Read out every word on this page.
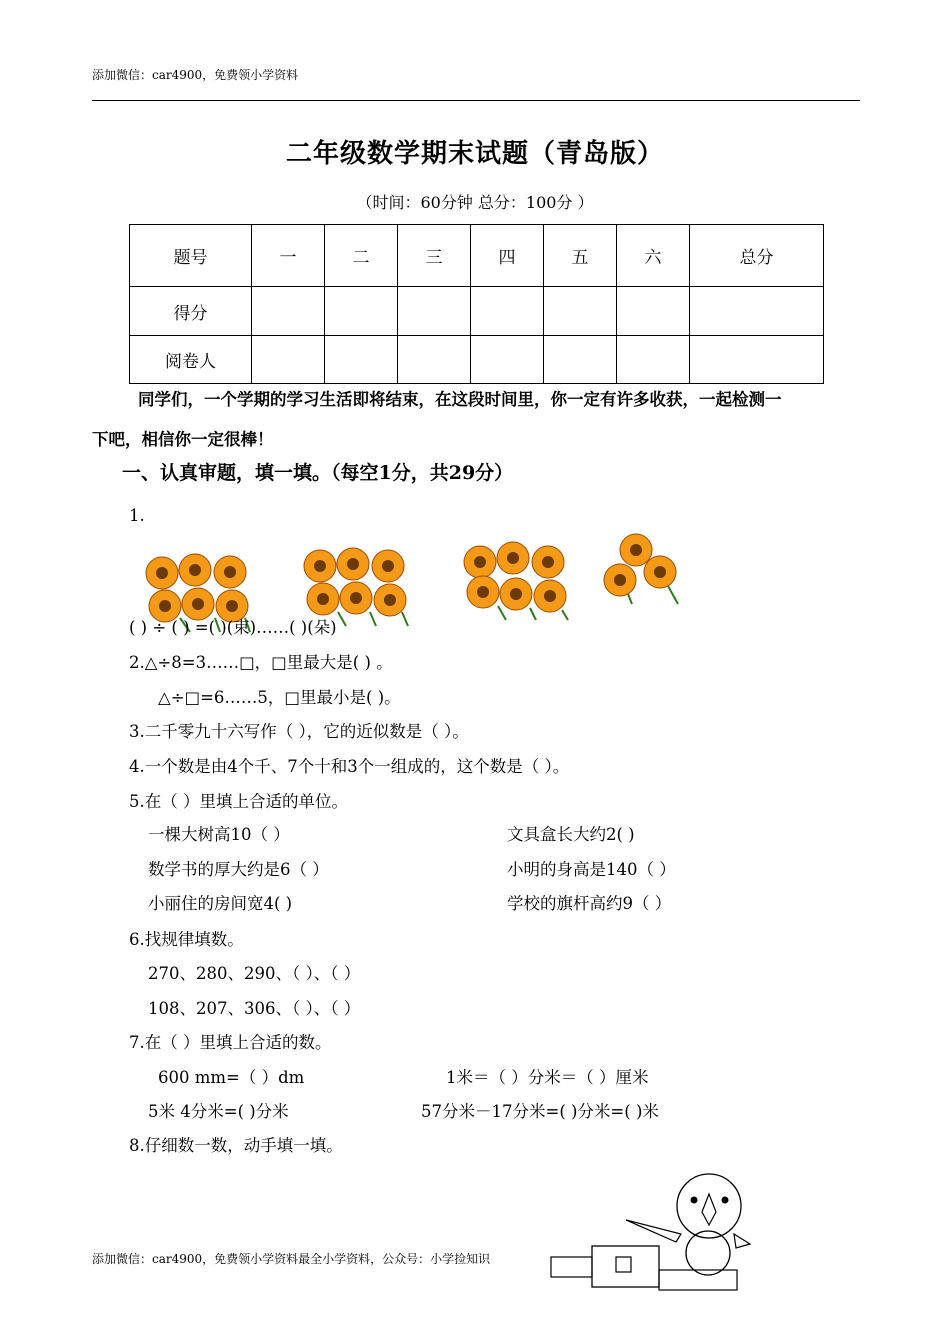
添加微信：car4900，免费领小学资料
二年级数学期末试题（青岛版）
（时间：60分钟 总分：100分 ）
题号	一	二	三	四	五	六	总分
得分							
阅卷人							
同学们，一个学期的学习生活即将结束，在这段时间里，你一定有许多收获，一起检测一
下吧，相信你一定很棒！
一、认真审题，填一填。（每空1分，共29分）
1.
( ) ÷ ( ) =( )(束)……( )(朵)
2.△÷8=3……□，□里最大是( ) 。
△÷□=6……5，□里最小是( )。
3.二千零九十六写作（ ），它的近似数是（ ）。
4.一个数是由4个千、7个十和3个一组成的，这个数是（ ）。
5.在（ ）里填上合适的单位。
一棵大树高10（ ）	文具盒长大约2( )
数学书的厚大约是6（ ）	小明的身高是140（ ）
小丽住的房间宽4( )	学校的旗杆高约9（ ）
6.找规律填数。
270、280、290、（ ）、（ ）
108、207、306、（ ）、（ ）
7.在（ ）里填上合适的数。
600 mm=（ ）dm	1米＝（ ）分米＝（ ）厘米
5米 4分米=( )分米	57分米－17分米=( )分米=( )米
8.仔细数一数，动手填一填。
添加微信：car4900，免费领小学资料最全小学资料，公众号：小学捡知识
